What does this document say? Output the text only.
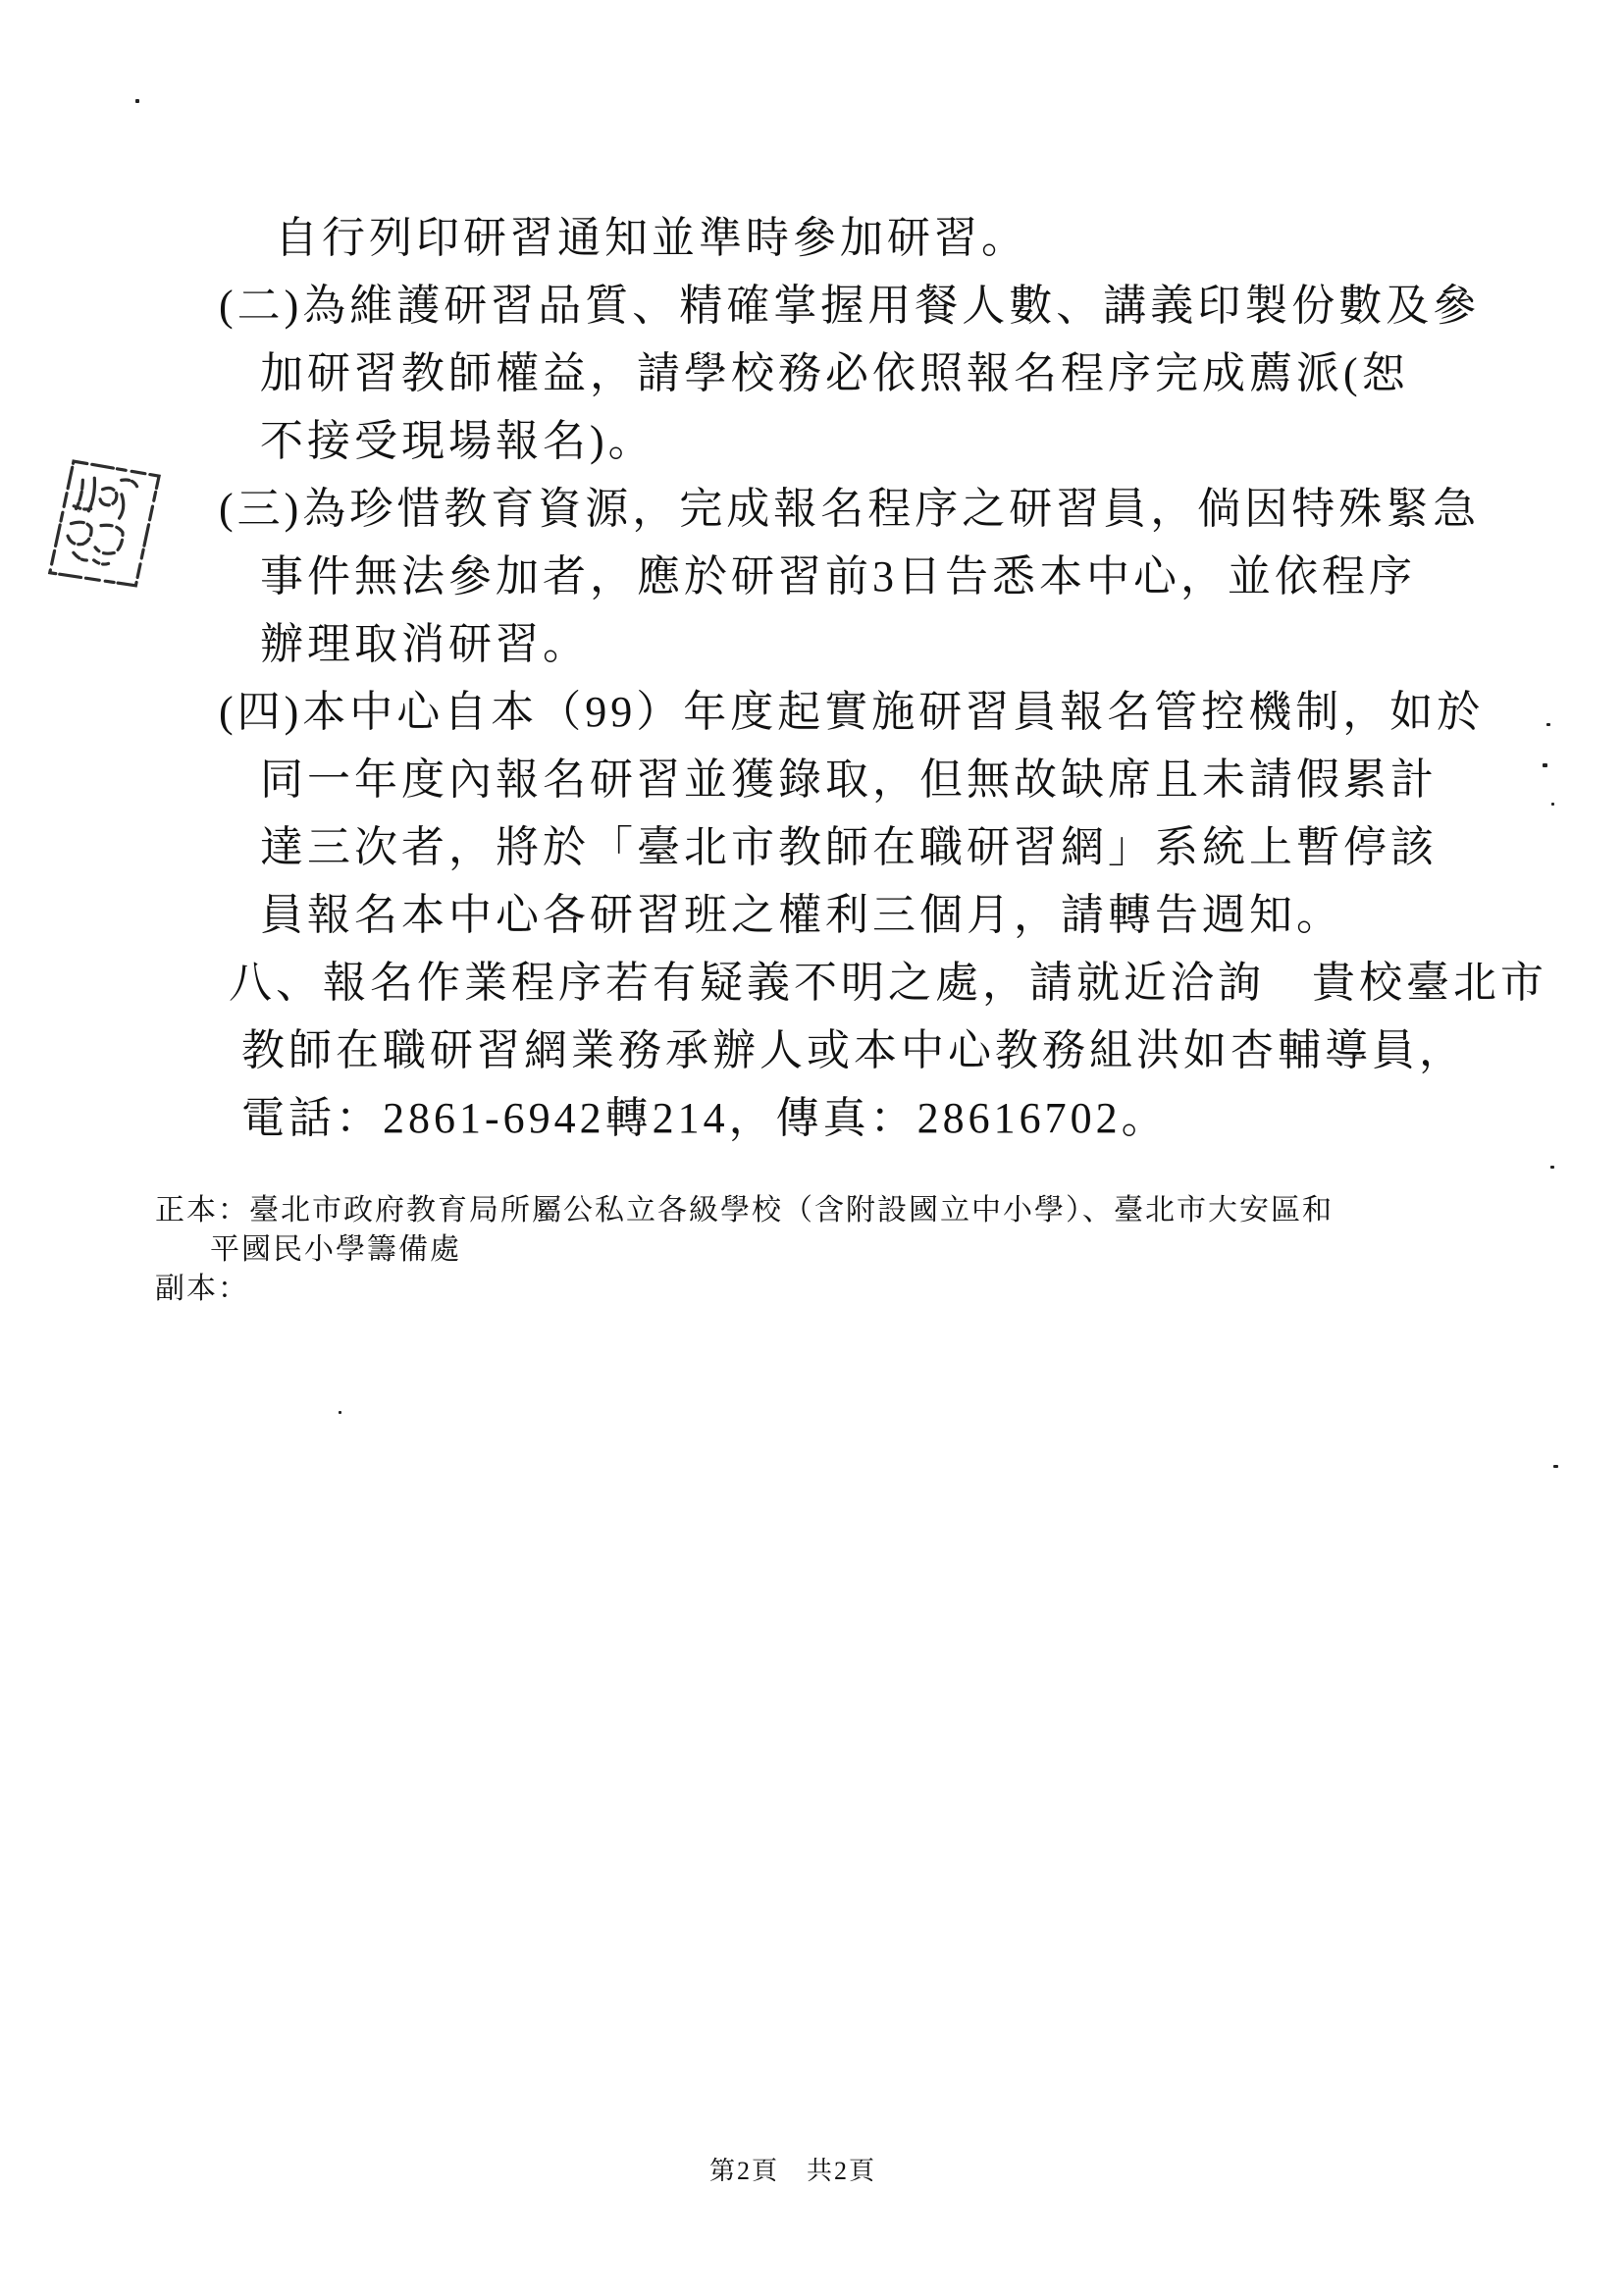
自行列印研習通知並準時參加研習。
(二)為維護研習品質、精確掌握用餐人數、講義印製份數及參
加研習教師權益，請學校務必依照報名程序完成薦派(恕
不接受現場報名)。
(三)為珍惜教育資源，完成報名程序之研習員，倘因特殊緊急
事件無法參加者，應於研習前3日告悉本中心，並依程序
辦理取消研習。
(四)本中心自本（99）年度起實施研習員報名管控機制，如於
同一年度內報名研習並獲錄取，但無故缺席且未請假累計
達三次者，將於「臺北市教師在職研習網」系統上暫停該
員報名本中心各研習班之權利三個月，請轉告週知。
八、報名作業程序若有疑義不明之處，請就近洽詢　貴校臺北市
教師在職研習網業務承辦人或本中心教務組洪如杏輔導員，
電話：2861-6942轉214，傳真：28616702。
正本：臺北市政府教育局所屬公私立各級學校（含附設國立中小學）、臺北市大安區和
平國民小學籌備處
副本：
第2頁　共2頁
